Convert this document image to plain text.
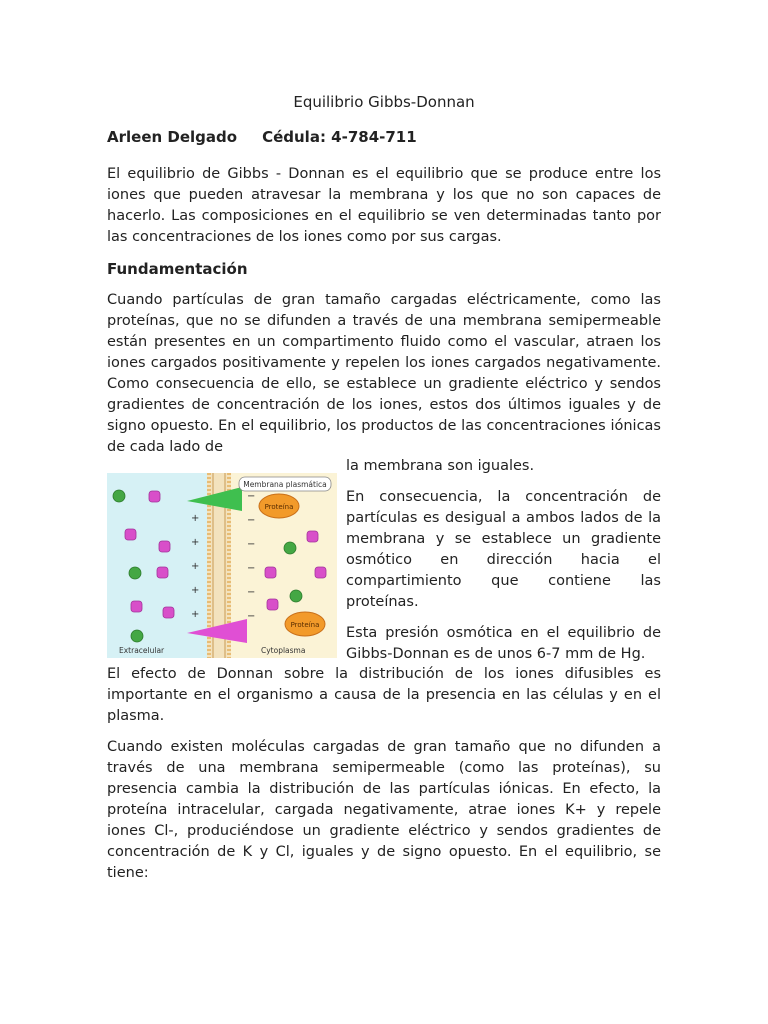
Equilibrio Gibbs-Donnan
Arleen Delgado Cédula: 4-784-711
El equilibrio de Gibbs - Donnan es el equilibrio que se produce entre los iones que pueden atravesar la membrana y los que no son capaces de hacerlo. Las composiciones en el equilibrio se ven determinadas tanto por las concentraciones de los iones como por sus cargas.
Fundamentación
Cuando partículas de gran tamaño cargadas eléctricamente, como las proteínas, que no se difunden a través de una membrana semipermeable están presentes en un compartimento fluido como el vascular, atraen los iones cargados positivamente y repelen los iones cargados negativamente. Como consecuencia de ello, se establece un gradiente eléctrico y sendos gradientes de concentración de los iones, estos dos últimos iguales y de signo opuesto. En el equilibrio, los productos de las concentraciones iónicas de cada lado de
la membrana son iguales.
+
+
+
+
+
−
−
−
−
−
−
Membrana plasmática
Proteína
Proteína
Extracelular	Cytoplasma
En consecuencia, la concentración de partículas es desigual a ambos lados de la membrana y se establece un gradiente osmótico en dirección hacia el compartimiento que contiene las proteínas.
Esta presión osmótica en el equilibrio de Gibbs-Donnan es de unos 6-7 mm de Hg.
El efecto de Donnan sobre la distribución de los iones difusibles es importante en el organismo a causa de la presencia en las células y en el plasma.
Cuando existen moléculas cargadas de gran tamaño que no difunden a través de una membrana semipermeable (como las proteínas), su presencia cambia la distribución de las partículas iónicas. En efecto, la proteína intracelular, cargada negativamente, atrae iones K+ y repele iones Cl-, produciéndose un gradiente eléctrico y sendos gradientes de concentración de K y Cl, iguales y de signo opuesto. En el equilibrio, se tiene:
